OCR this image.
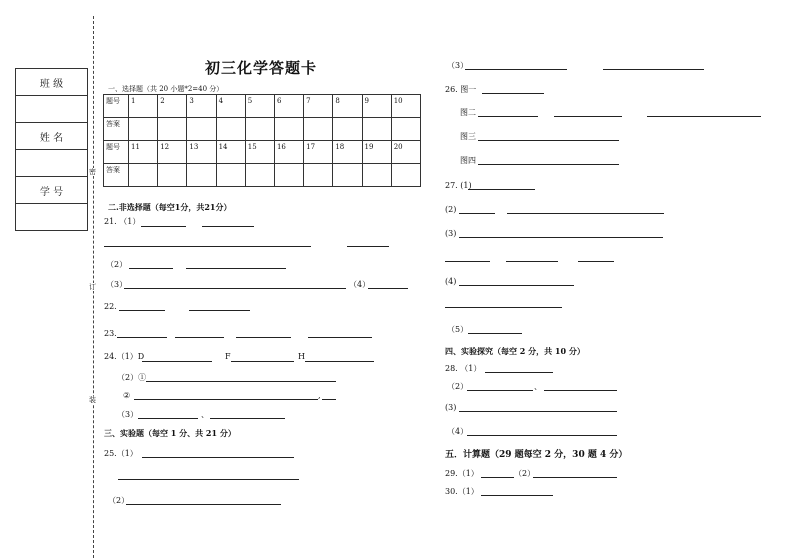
班 级

姓 名

学 号

密
订
装
初三化学答题卡
一、选择题（共 20 小题*2=40 分）
题号	1	2	3	4	5	6	7	8	9	10
答案										
题号	11	12	13	14	15	16	17	18	19	20
答案										
二.非选择题（每空1分，共21分）
21. （1）
（2）
（3）	（4）
22.
23.
24.（1）D	F	H
（2）①
②	,
（3）	、
三、实验题（每空 1 分、共 21 分）
25.（1）
（2）
（3）
26. 图一
图二
图三
图四
27. (1)
(2)
(3)
(4)
（5）
四、实验探究（每空 2 分，共 10 分）
28. （1）
（2）	、
(3)
（4）
五．计算题（29 题每空 2 分，30 题 4 分）
29.（1）	（2）
30.（1）
